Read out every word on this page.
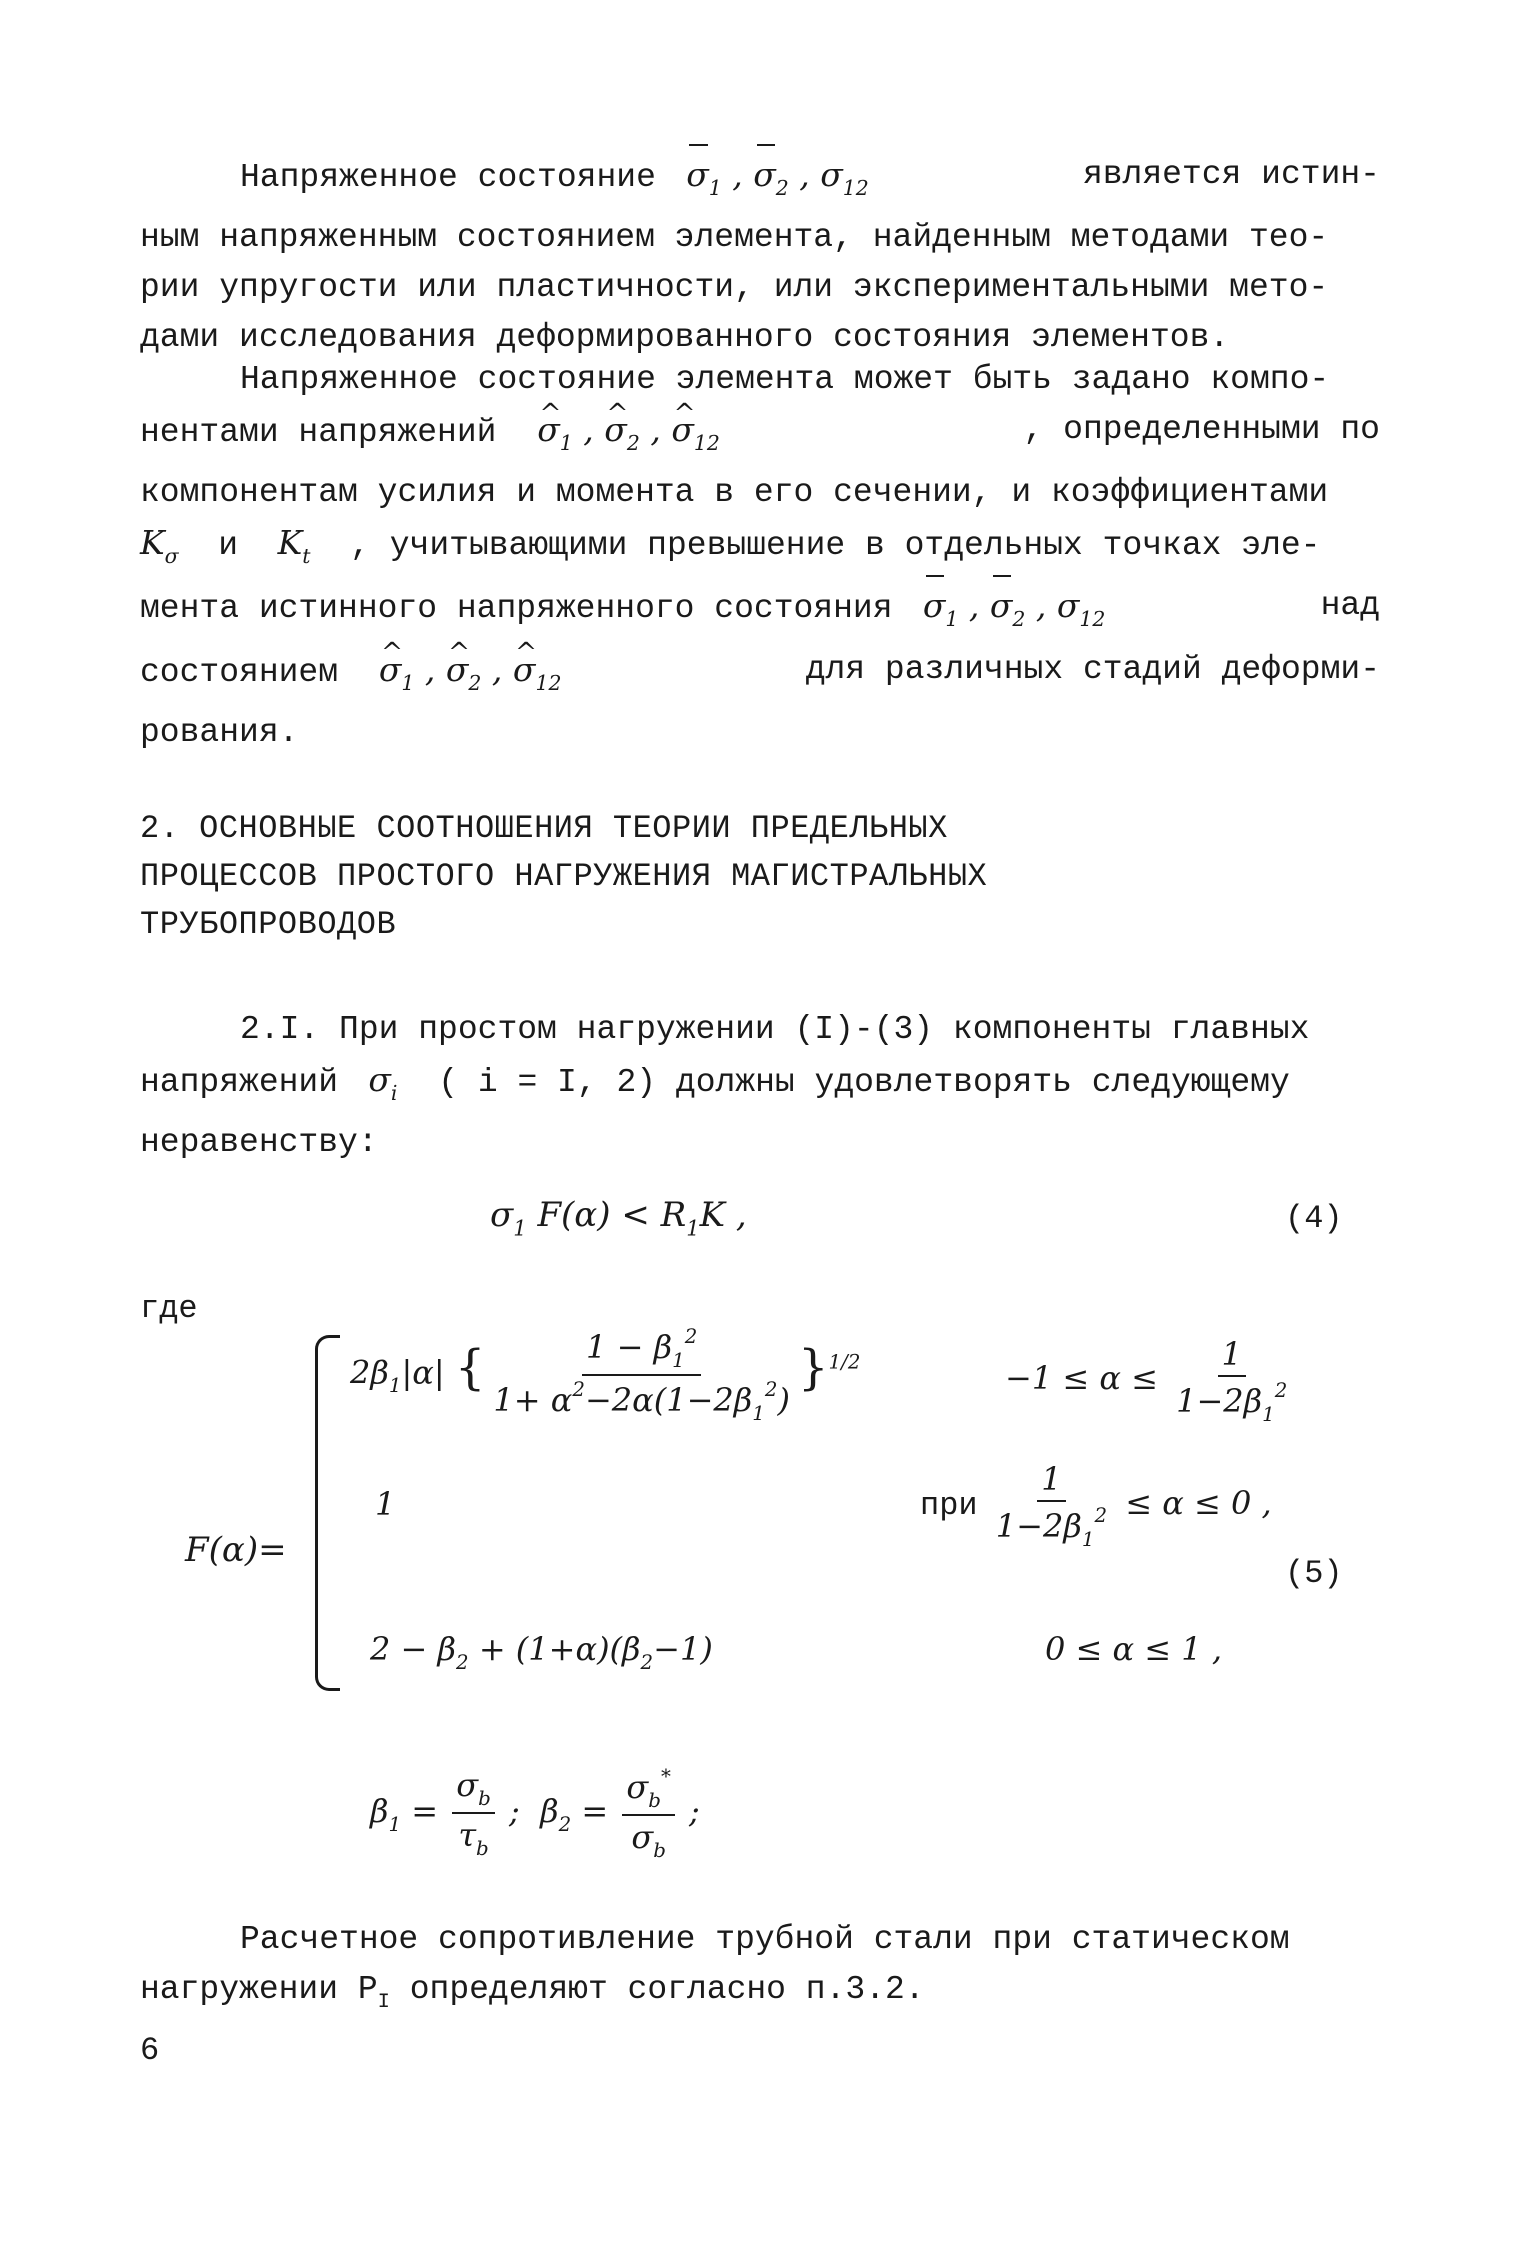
Напряженное состояние $\sigma_1$ , $\sigma_2$ , $\sigma_{12}$	является истин-
ным напряженным состоянием элемента, найденным методами тео-
рии упругости или пластичности, или экспериментальными мето-
дами исследования деформированного состояния элементов.
Напряженное состояние элемента может быть задано компо-
нентами напряжений ^ $\sigma_1$ , ^ $\sigma_2$ , ^ $\sigma_{12}$	, определенными по
компонентам усилия и момента в его сечении, и коэффициентами
$K_\sigma$ и $K_t$ , учитывающими превышение в отдельных точках эле-
мента истинного напряженного состояния $\sigma_1$ , $\sigma_2$ , $\sigma_{12}$	над
состоянием ^ $\sigma_1$ , ^ $\sigma_2$ , ^ $\sigma_{12}$	для различных стадий деформи-
рования.
2. ОСНОВНЫЕ СООТНОШЕНИЯ ТЕОРИИ ПРЕДЕЛЬНЫХ
ПРОЦЕССОВ ПРОСТОГО НАГРУЖЕНИЯ МАГИСТРАЛЬНЫХ
ТРУБОПРОВОДОВ
2.I. При простом нагружении (I)-(3) компоненты главных
напряжений  $\sigma_i$ ( i = I, 2) должны удовлетворять следующему
неравенству:
$\sigma_1$ $F(\alpha) < R_1K$ ,	(4)
где
F(α)=
$2\beta_1|\alpha|$ { $\frac{1 - \beta_1^2}{1+ \alpha^2-2\alpha(1-2\beta_1^2)} \}^{1/2}$	$-1 \le \alpha \le \frac{1}{1-2\beta_1^2}$
1	при $\frac{1}{1-2\beta_1^2} \le \alpha \le 0$ ,
(5)
$2 - \beta_2 + (1+\alpha)(\beta_2-1)$	0 ≤ α ≤ 1 ,
$\beta_1 = \frac{\sigma_b}{\tau_b}$ ;  $\beta_2 = \frac{\sigma_b^*}{\sigma_b}$ ;
Расчетное сопротивление трубной стали при статическом
нагружении $Р_I$ определяют согласно п.3.2.
6
